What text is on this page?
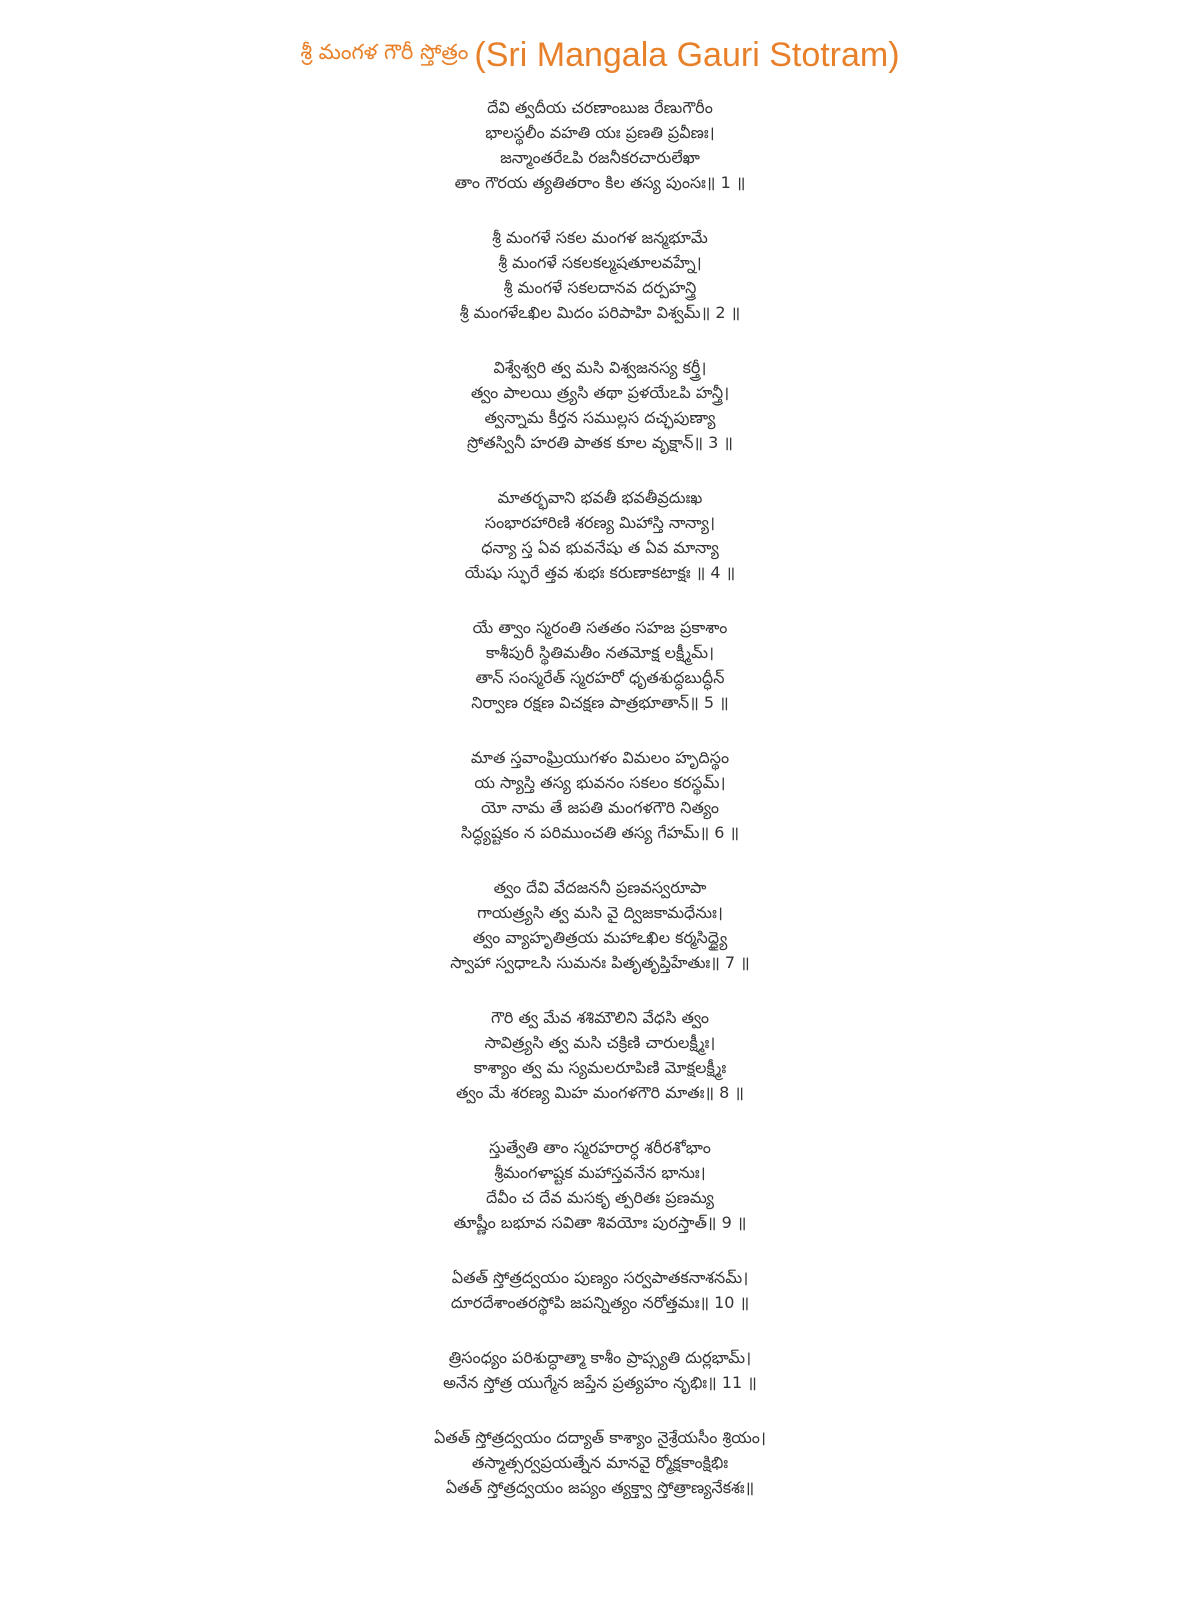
శ్రీ మంగళ గౌరీ స్తోత్రం (Sri Mangala Gauri Stotram)
దేవి త్వదీయ చరణాంబుజ రేణుగౌరీం
భాలస్థలీం వహతి యః ప్రణతి ప్రవీణః।
జన్మాంతరేఽపి రజనీకరచారులేఖా
తాం గౌరయ త్యతితరాం కిల తస్య పుంసః॥ 1 ॥
శ్రీ మంగళే సకల మంగళ జన్మభూమే
శ్రీ మంగళే సకలకల్మషతూలవహ్నే।
శ్రీ మంగళే సకలదానవ దర్పహన్త్రి
శ్రీ మంగళేఽఖిల మిదం పరిపాహి విశ్వమ్॥ 2 ॥
విశ్వేశ్వరి త్వ మసి విశ్వజనస్య కర్త్రీ।
త్వం పాలయి త్ర్యసి తథా ప్రళయేఽపి హన్త్రీ।
త్వన్నామ కీర్తన సముల్లస దచ్ఛపుణ్యా
స్రోతస్వినీ హరతి పాతక కూల వృక్షాన్॥ 3 ॥
మాతర్భవాని భవతీ భవతీవ్రదుఃఖ
సంభారహారిణి శరణ్య మిహాస్తి నాన్యా।
ధన్యా స్త ఏవ భువనేషు త ఏవ మాన్యా
యేషు స్ఫురే త్తవ శుభః కరుణాకటాక్షః ॥ 4 ॥
యే త్వాం స్మరంతి సతతం సహజ ప్రకాశాం
కాశీపురీ స్థితిమతీం నతమోక్ష లక్ష్మీమ్।
తాన్ సంస్మరేత్ స్మరహరో ధృతశుద్ధబుద్ధీన్
నిర్వాణ రక్షణ విచక్షణ పాత్రభూతాన్॥ 5 ॥
మాత స్తవాంఘ్రియుగళం విమలం హృదిస్థం
య స్యాస్తి తస్య భువనం సకలం కరస్థమ్।
యో నామ తే జపతి మంగళగౌరి నిత్యం
సిద్ధ్యష్టకం న పరిముంచతి తస్య గేహమ్॥ 6 ॥
త్వం దేవి వేదజననీ ప్రణవస్వరూపా
గాయత్ర్యసి త్వ మసి వై ద్విజకామధేనుః।
త్వం వ్యాహృతిత్రయ మహాఽఖిల కర్మసిద్ధ్యై
స్వాహా స్వధాఽసి సుమనః పితృతృప్తిహేతుః॥ 7 ॥
గౌరి త్వ మేవ శశిమౌలిని వేధసి త్వం
సావిత్ర్యసి త్వ మసి చక్రిణి చారులక్ష్మీః।
కాశ్యాం త్వ మ స్యమలరూపిణి మోక్షలక్ష్మీః
త్వం మే శరణ్య మిహ మంగళగౌరి మాతః॥ 8 ॥
స్తుత్వేతి తాం స్మరహరార్ధ శరీరశోభాం
శ్రీమంగళాష్టక మహాస్తవనేన భానుః।
దేవీం చ దేవ మసకృ త్పరితః ప్రణమ్య
తూష్ణీం బభూవ సవితా శివయోః పురస్తాత్॥ 9 ॥
ఏతత్ స్తోత్రద్వయం పుణ్యం సర్వపాతకనాశనమ్।
దూరదేశాంతరస్థోపి జపన్నిత్యం నరోత్తమః॥ 10 ॥
త్రిసంధ్యం పరిశుద్ధాత్మా కాశీం ప్రాప్స్యతి దుర్లభామ్।
అనేన స్తోత్ర యుగ్మేన జప్తేన ప్రత్యహం నృభిః॥ 11 ॥
ఏతత్ స్తోత్రద్వయం దద్యాత్ కాశ్యాం నైశ్రేయసీం శ్రియం।
తస్మాత్సర్వప్రయత్నేన మానవై ర్మోక్షకాంక్షిభిః
ఏతత్ స్తోత్రద్వయం జప్యం త్యక్త్వా స్తోత్రాణ్యనేకశః॥
